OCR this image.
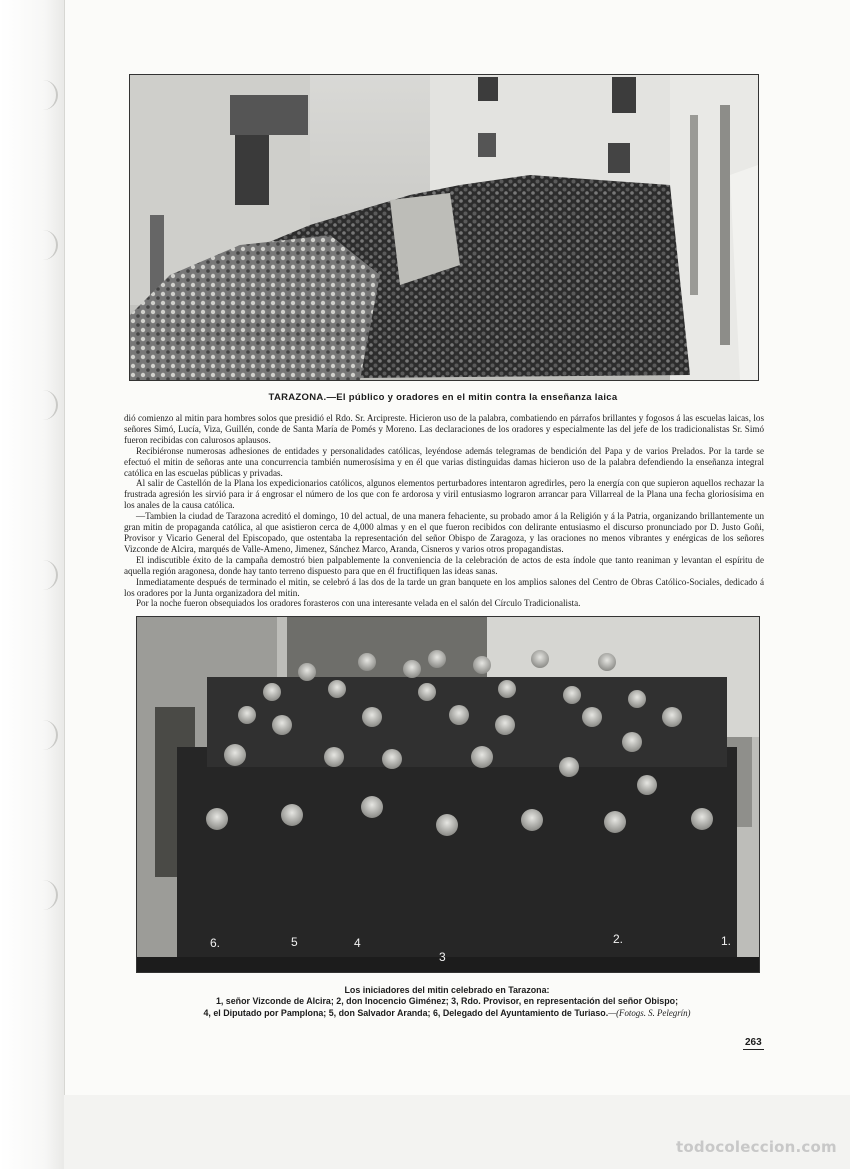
TARAZONA.—El público y oradores en el mitin contra la enseñanza laica

dió comienzo al mitin para hombres solos que presidió el Rdo. Sr. Arcipreste. Hicieron uso de la palabra, combatiendo en párrafos brillantes y fogosos á las escuelas laicas, los señores Simó, Lucía, Viza, Guillén, conde de Santa María de Pomés y Moreno. Las declaraciones de los oradores y especialmente las del jefe de los tradicionalistas Sr. Simó fueron recibidas con calurosos aplausos.

Recibiéronse numerosas adhesiones de entidades y personalidades católicas, leyéndose además telegramas de bendición del Papa y de varios Prelados. Por la tarde se efectuó el mitin de señoras ante una concurrencia también numerosísima y en él que varias distinguidas damas hicieron uso de la palabra defendiendo la enseñanza integral católica en las escuelas públicas y privadas.

Al salir de Castellón de la Plana los expedicionarios católicos, algunos elementos perturbadores intentaron agredirles, pero la energía con que supieron aquellos rechazar la frustrada agresión les sirvió para ir á engrosar el número de los que con fe ardorosa y viril entusiasmo lograron arrancar para Villarreal de la Plana una fecha gloriosísima en los anales de la causa católica.

—Tambien la ciudad de Tarazona acreditó el domingo, 10 del actual, de una manera fehaciente, su probado amor á la Religión y á la Patria, organizando brillantemente un gran mitin de propaganda católica, al que asistieron cerca de 4,000 almas y en el que fueron recibidos con delirante entusiasmo el discurso pronunciado por D. Justo Goñi, Provisor y Vicario General del Episcopado, que ostentaba la representación del señor Obispo de Zaragoza, y las oraciones no menos vibrantes y enérgicas de los señores Vizconde de Alcira, marqués de Valle-Ameno, Jimenez, Sánchez Marco, Aranda, Cisneros y varios otros propagandistas.

El indiscutible éxito de la campaña demostró bien palpablemente la conveniencia de la celebración de actos de esta índole que tanto reaniman y levantan el espíritu de aquella región aragonesa, donde hay tanto terreno dispuesto para que en él fructifiquen las ideas sanas.

Inmediatamente después de terminado el mitin, se celebró á las dos de la tarde un gran banquete en los amplios salones del Centro de Obras Católico-Sociales, dedicado á los oradores por la Junta organizadora del mitin.

Por la noche fueron obsequiados los oradores forasteros con una interesante velada en el salón del Círculo Tradicionalista.

1.
2.
3
4
5
6.
Los iniciadores del mitin celebrado en Tarazona:
1, señor Vizconde de Alcira; 2, don Inocencio Giménez; 3, Rdo. Provisor, en representación del señor Obispo;
4, el Diputado por Pamplona; 5, don Salvador Aranda; 6, Delegado del Ayuntamiento de Turiaso.—(Fotogs. S. Pelegrín)
263
todocoleccion.com
